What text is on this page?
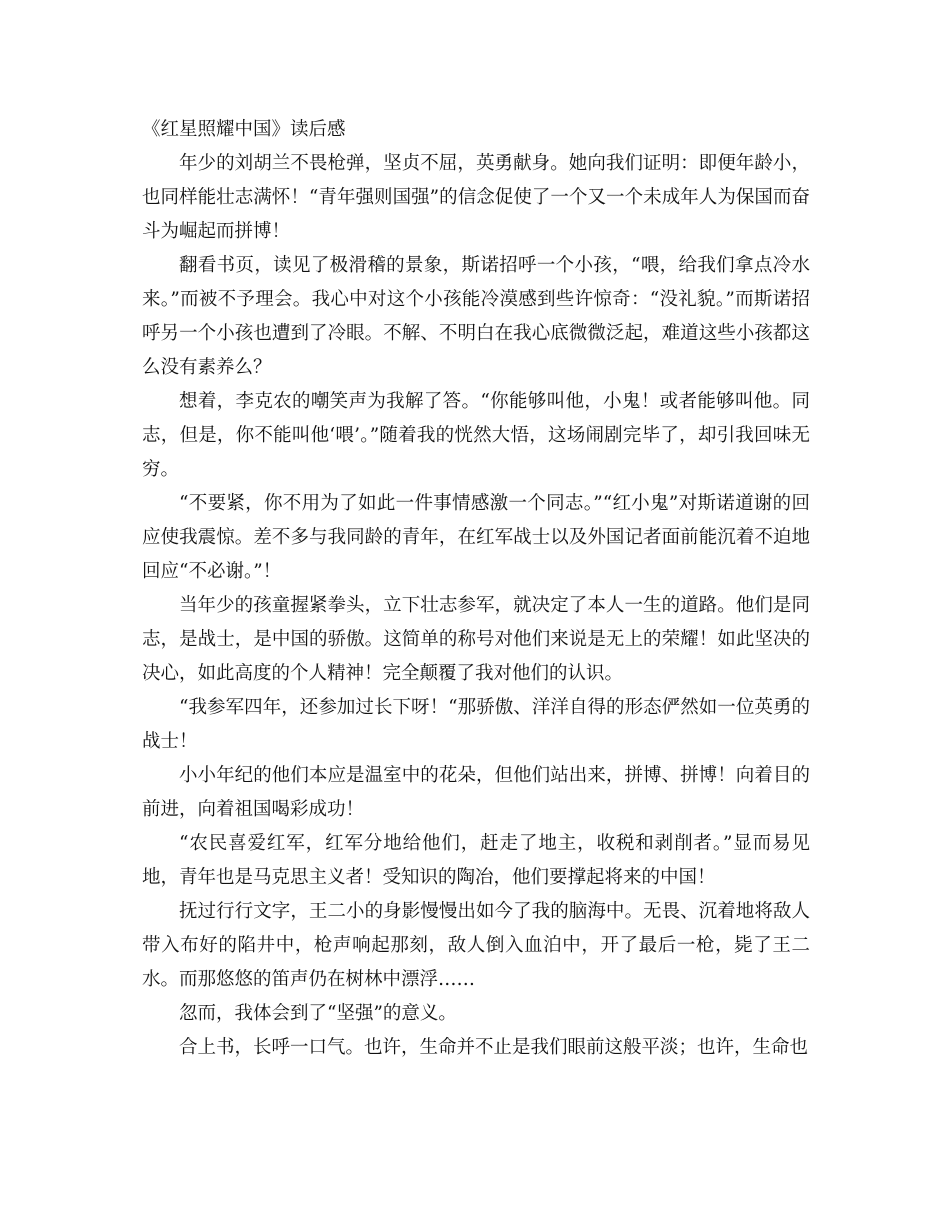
《红星照耀中国》读后感

年少的刘胡兰不畏枪弹，坚贞不屈，英勇献身。她向我们证明：即便年龄小，也同样能壮志满怀！“青年强则国强”的信念促使了一个又一个未成年人为保国而奋斗为崛起而拼博！

翻看书页，读见了极滑稽的景象，斯诺招呼一个小孩，“喂，给我们拿点冷水来。”而被不予理会。我心中对这个小孩能冷漠感到些许惊奇：“没礼貌。”而斯诺招呼另一个小孩也遭到了冷眼。不解、不明白在我心底微微泛起，难道这些小孩都这么没有素养么？

想着，李克农的嘲笑声为我解了答。“你能够叫他，小鬼！或者能够叫他。同志，但是，你不能叫他‘喂’。”随着我的恍然大悟，这场闹剧完毕了，却引我回味无穷。

“不要紧，你不用为了如此一件事情感激一个同志。”“红小鬼”对斯诺道谢的回应使我震惊。差不多与我同龄的青年，在红军战士以及外国记者面前能沉着不迫地回应“不必谢。”！

当年少的孩童握紧拳头，立下壮志参军，就决定了本人一生的道路。他们是同志，是战士，是中国的骄傲。这简单的称号对他们来说是无上的荣耀！如此坚决的决心，如此高度的个人精神！完全颠覆了我对他们的认识。

“我参军四年，还参加过长下呀！“那骄傲、洋洋自得的形态俨然如一位英勇的战士！

小小年纪的他们本应是温室中的花朵，但他们站出来，拼博、拼博！向着目的前进，向着祖国喝彩成功！

“农民喜爱红军，红军分地给他们，赶走了地主，收税和剥削者。”显而易见地，青年也是马克思主义者！受知识的陶冶，他们要撑起将来的中国！

抚过行行文字，王二小的身影慢慢出如今了我的脑海中。无畏、沉着地将敌人带入布好的陷井中，枪声响起那刻，敌人倒入血泊中，开了最后一枪，毙了王二水。而那悠悠的笛声仍在树林中漂浮……

忽而，我体会到了“坚强”的意义。

合上书，长呼一口气。也许，生命并不止是我们眼前这般平淡；也许，生命也
